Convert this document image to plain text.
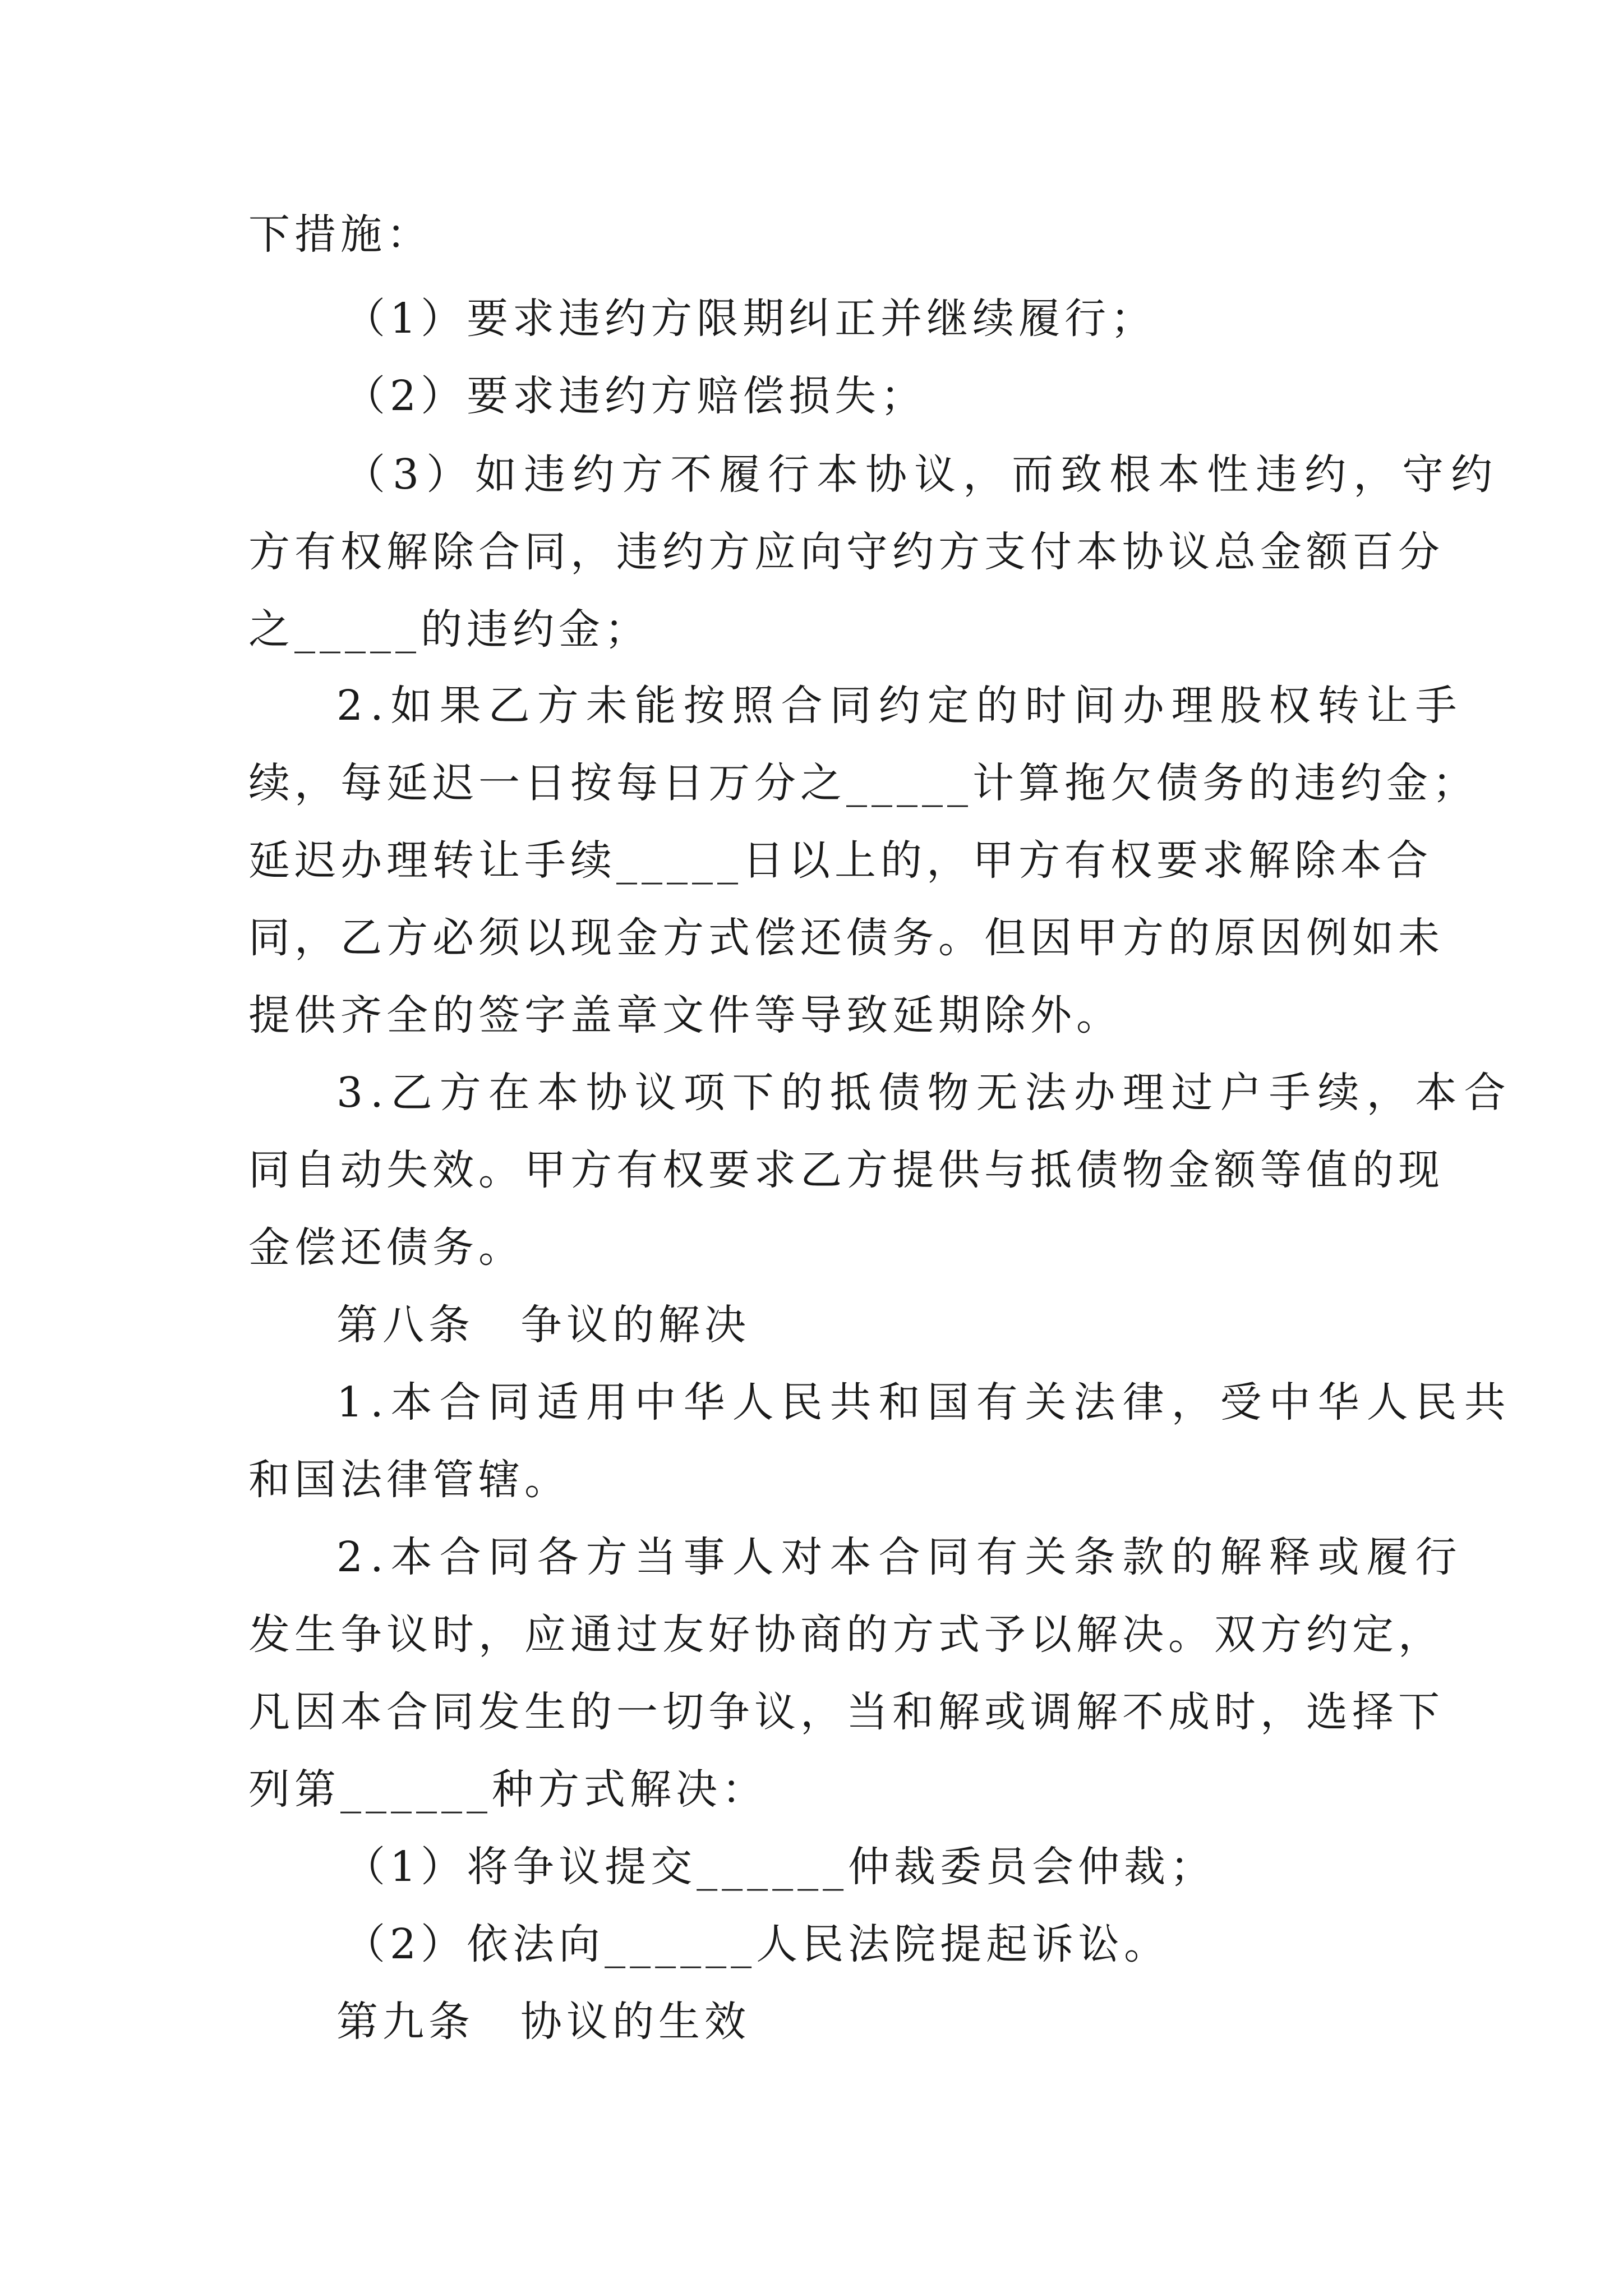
下措施：
（1）要求违约方限期纠正并继续履行；
（2）要求违约方赔偿损失；
（3）如违约方不履行本协议，而致根本性违约，守约
方有权解除合同，违约方应向守约方支付本协议总金额百分
之_____的违约金；
2.如果乙方未能按照合同约定的时间办理股权转让手
续，每延迟一日按每日万分之_____计算拖欠债务的违约金；
延迟办理转让手续_____日以上的，甲方有权要求解除本合
同，乙方必须以现金方式偿还债务。但因甲方的原因例如未
提供齐全的签字盖章文件等导致延期除外。
3.乙方在本协议项下的抵债物无法办理过户手续，本合
同自动失效。甲方有权要求乙方提供与抵债物金额等值的现
金偿还债务。
第八条　争议的解决
1.本合同适用中华人民共和国有关法律，受中华人民共
和国法律管辖。
2.本合同各方当事人对本合同有关条款的解释或履行
发生争议时，应通过友好协商的方式予以解决。双方约定，
凡因本合同发生的一切争议，当和解或调解不成时，选择下
列第______种方式解决：
（1）将争议提交______仲裁委员会仲裁；
（2）依法向______人民法院提起诉讼。
第九条　协议的生效
